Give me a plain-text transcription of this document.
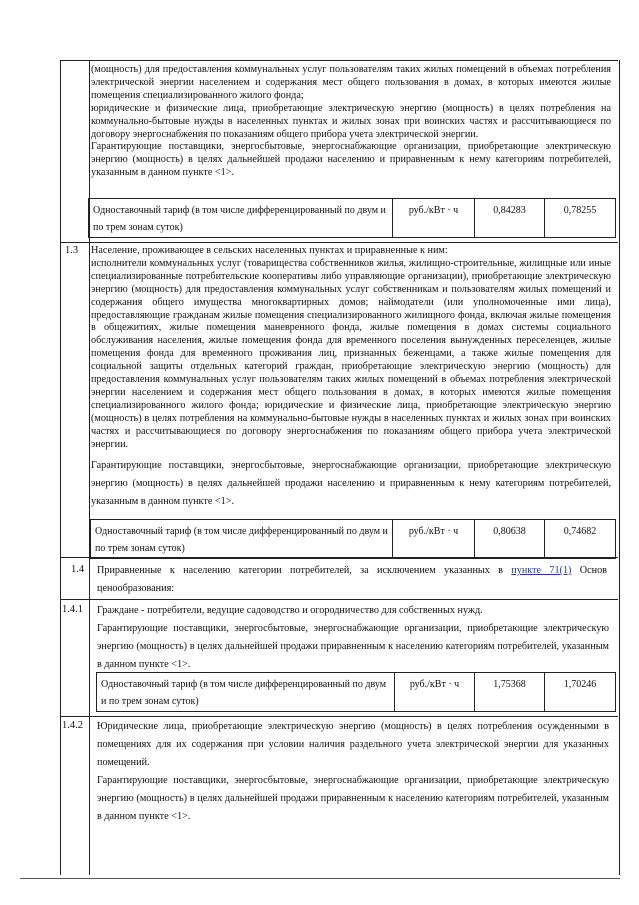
(мощность) для предоставления коммунальных услуг пользователям таких жилых помещений в объемах потребления электрической энергии населением и содержания мест общего пользования в домах, в которых имеются жилые помещения специализированного жилого фонда;

юридические и физические лица, приобретающие электрическую энергию (мощность) в целях потребления на коммунально-бытовые нужды в населенных пунктах и жилых зонах при воинских частях и рассчитывающиеся по договору энергоснабжения по показаниям общего прибора учета электрической энергии.

Гарантирующие поставщики, энергосбытовые, энергоснабжающие организации, приобретающие электрическую энергию (мощность) в целях дальнейшей продажи населению и приравненным к нему категориям потребителей, указанным в данном пункте <1>.

Одноставочный тариф (в том числе дифференцированный по двум и по трем зонам суток)
руб./кВт · ч	0,84283	0,78255
1.3 Население, проживающее в сельских населенных пунктах и приравненные к ним:

исполнители коммунальных услуг (товарищества собственников жилья, жилищно-строительные, жилищные или иные специализированные потребительские кооперативы либо управляющие организации), приобретающие электрическую энергию (мощность) для предоставления коммунальных услуг собственникам и пользователям жилых помещений и содержания общего имущества многоквартирных домов; наймодатели (или уполномоченные ими лица), предоставляющие гражданам жилые помещения специализированного жилищного фонда, включая жилые помещения в общежитиях, жилые помещения маневренного фонда, жилые помещения в домах системы социального обслуживания населения, жилые помещения фонда для временного поселения вынужденных переселенцев, жилые помещения фонда для временного проживания лиц, признанных беженцами, а также жилые помещения для социальной защиты отдельных категорий граждан, приобретающие электрическую энергию (мощность) для предоставления коммунальных услуг пользователям таких жилых помещений в объемах потребления электрической энергии населением и содержания мест общего пользования в домах, в которых имеются жилые помещения специализированного жилого фонда; юридические и физические лица, приобретающие электрическую энергию (мощность) в целях потребления на коммунально-бытовые нужды в населенных пунктах и жилых зонах при воинских частях и рассчитывающиеся по договору энергоснабжения по показаниям общего прибора учета электрической энергии.

Гарантирующие поставщики, энергосбытовые, энергоснабжающие организации, приобретающие электрическую энергию (мощность) в целях дальнейшей продажи населению и приравненным к нему категориям потребителей, указанным в данном пункте <1>.

Одноставочный тариф (в том числе дифференцированный по двум и по трем зонам суток)
руб./кВт · ч	0,80638	0,74682
1.4 Приравненные к населению категории потребителей, за исключением указанных в пункте 71(1) Основ ценообразования:
1.4.1 Граждане - потребители, ведущие садоводство и огородничество для собственных нужд.

Гарантирующие поставщики, энергосбытовые, энергоснабжающие организации, приобретающие электрическую энергию (мощность) в целях дальнейшей продажи приравненным к населению категориям потребителей, указанным в данном пункте <1>.

Одноставочный тариф (в том числе дифференцированный по двум и по трем зонам суток)
руб./кВт · ч	1,75368	1,70246
1.4.2 Юридические лица, приобретающие электрическую энергию (мощность) в целях потребления осужденными в помещениях для их содержания при условии наличия раздельного учета электрической энергии для указанных помещений.

Гарантирующие поставщики, энергосбытовые, энергоснабжающие организации, приобретающие электрическую энергию (мощность) в целях дальнейшей продажи приравненным к населению категориям потребителей, указанным в данном пункте <1>.
